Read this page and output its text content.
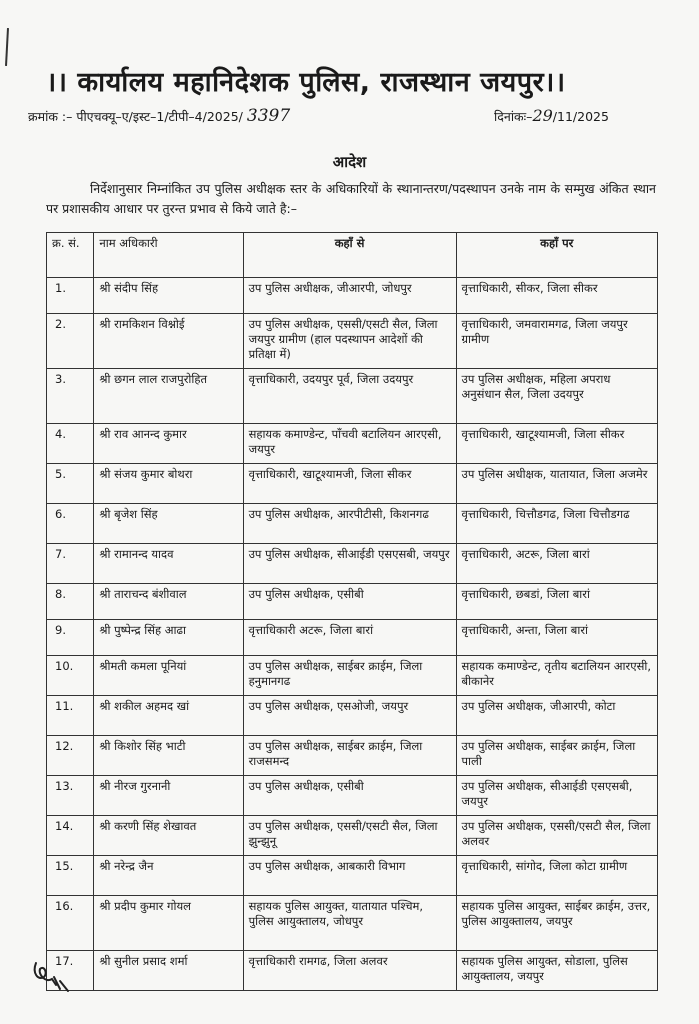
।। कार्यालय महानिदेशक पुलिस, राजस्थान जयपुर।।
क्रमांक :– पीएचक्यू–ए/इस्ट–1/टीपी–4/2025/ 3397	दिनांकः–29/11/2025
आदेश
निर्देशानुसार निम्नांकित उप पुलिस अधीक्षक स्तर के अधिकारियों के स्थानान्तरण/पदस्थापन उनके नाम के सम्मुख अंकित स्थान पर प्रशासकीय आधार पर तुरन्त प्रभाव से किये जाते है:–
क्र. सं.	नाम अधिकारी	कहाँ से	कहाँ पर
1.	श्री संदीप सिंह	उप पुलिस अधीक्षक, जीआरपी, जोधपुर	वृत्ताधिकारी, सीकर, जिला सीकर
2.	श्री रामकिशन विश्नोई	उप पुलिस अधीक्षक, एससी/एसटी सैल, जिला जयपुर ग्रामीण (हाल पदस्थापन आदेशों की प्रतिक्षा में)	वृत्ताधिकारी, जमवारामगढ, जिला जयपुर ग्रामीण
3.	श्री छगन लाल राजपुरोहित	वृत्ताधिकारी, उदयपुर पूर्व, जिला उदयपुर	उप पुलिस अधीक्षक, महिला अपराध अनुसंधान सैल, जिला उदयपुर
4.	श्री राव आनन्द कुमार	सहायक कमाण्डेन्ट, पाँचवी बटालियन आरएसी, जयपुर	वृत्ताधिकारी, खाटूश्यामजी, जिला सीकर
5.	श्री संजय कुमार बोथरा	वृत्ताधिकारी, खाटूश्यामजी, जिला सीकर	उप पुलिस अधीक्षक, यातायात, जिला अजमेर
6.	श्री बृजेश सिंह	उप पुलिस अधीक्षक, आरपीटीसी, किशनगढ	वृत्ताधिकारी, चित्तौडगढ, जिला चित्तौडगढ
7.	श्री रामानन्द यादव	उप पुलिस अधीक्षक, सीआईडी एसएसबी, जयपुर	वृत्ताधिकारी, अटरू, जिला बारां
8.	श्री ताराचन्द बंशीवाल	उप पुलिस अधीक्षक, एसीबी	वृत्ताधिकारी, छबडां, जिला बारां
9.	श्री पुष्पेन्द्र सिंह आढा	वृत्ताधिकारी अटरू, जिला बारां	वृत्ताधिकारी, अन्ता, जिला बारां
10.	श्रीमती कमला पूनियां	उप पुलिस अधीक्षक, साईबर क्राईम, जिला हनुमानगढ	सहायक कमाण्डेन्ट, तृतीय बटालियन आरएसी, बीकानेर
11.	श्री शकील अहमद खां	उप पुलिस अधीक्षक, एसओजी, जयपुर	उप पुलिस अधीक्षक, जीआरपी, कोटा
12.	श्री किशोर सिंह भाटी	उप पुलिस अधीक्षक, साईबर क्राईम, जिला राजसमन्द	उप पुलिस अधीक्षक, साईबर क्राईम, जिला पाली
13.	श्री नीरज गुरनानी	उप पुलिस अधीक्षक, एसीबी	उप पुलिस अधीक्षक, सीआईडी एसएसबी, जयपुर
14.	श्री करणी सिंह शेखावत	उप पुलिस अधीक्षक, एससी/एसटी सैल, जिला झुन्झुनू	उप पुलिस अधीक्षक, एससी/एसटी सैल, जिला अलवर
15.	श्री नरेन्द्र जैन	उप पुलिस अधीक्षक, आबकारी विभाग	वृत्ताधिकारी, सांगोद, जिला कोटा ग्रामीण
16.	श्री प्रदीप कुमार गोयल	सहायक पुलिस आयुक्त, यातायात पश्चिम, पुलिस आयुक्तालय, जोधपुर	सहायक पुलिस आयुक्त, साईबर क्राईम, उत्तर, पुलिस आयुक्तालय, जयपुर
17.	श्री सुनील प्रसाद शर्मा	वृत्ताधिकारी रामगढ, जिला अलवर	सहायक पुलिस आयुक्त, सोडाला, पुलिस आयुक्तालय, जयपुर
